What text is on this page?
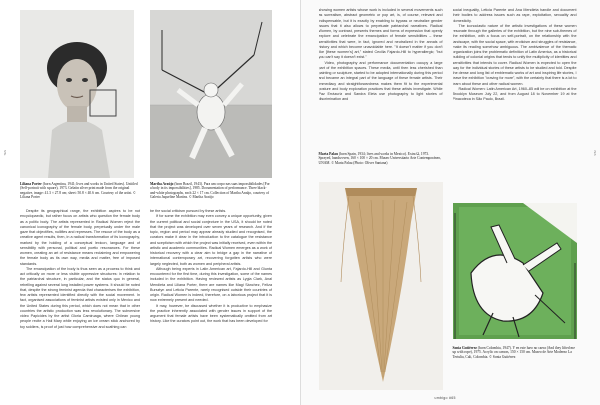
7ES
Liliana Porter (born Argentina, 1941; lives and works in United States). Untitled (Self-portrait with square), 1973. Gelatin silver print made from the original negative, image: 41.3 × 27.8 cm; sheet: 50.8 × 40.6 cm. Courtesy of the artist. © Liliana Porter
Martha Araújo (born Brazil, 1943). Para um corpo nas suas impossibilidades [For a body in its impossibilities], 1985. Documentation of performance. Three black-and-white photographs, each 22 × 17 cm. Collection of Martha Araújo, courtesy of Galeria Jaqueline Martins. © Martha Araújo

Despite its geographical range, the exhibition aspires to be not encyclopaedic, but rather focus on artists who question the female body as a politic body. The artists represented in Radical Women reject the canonical iconography of the female body, perpetually under the male gaze that objectifies, nullifies and represses. The rescue of the body as a creative agent results, then, in a radical transformation of its iconography, marked by the holding of a conceptual lexicon, language and of sensibility with personal, political and poetic resonances. For these women, creating an art of resistance means reclaiming and empowering the female body as its own way, media and matter, free of imposed standards.

The emancipation of the body is thus seen as a process to think and act critically on more or less visible oppressive structures: in relation to the patriarchal structure, in particular, and the status quo in general, rebelling against several long installed power systems. It should be noted that, despite the strong feminist agenda that characterises the exhibition, few artists represented identified directly with the social movement. In fact, organised associations of feminist artists existed only in Mexico and the United States during this period, which does not mean that in other countries the artistic production was less revolutionary. The subversive video Papicides by the artist Gloria Camiruaga, where Chilean young people recite a Hail Mary while enjoying an ice cream stick anchored by toy soldiers, is proof of just how comprehensive and scathing can

be the social criticism pursued by these artists.

If for some the exhibition may even convey a unique opportunity, given the current political and social conjecture in the USA, it should be noted that the project was developed over seven years of research. And if the topic, region and period may appear already studied and recognised, the curators make it clear in the introduction to the catalogue the resistance and scepticism with which the project was initially received, even within the artistic and academic communities. Radical Women emerges as a work of historical recovery with a clear aim to bridge a gap in the narrative of international contemporary art, recovering forgotten artists who were largely neglected, both as women and peripheral artists.

Although being experts in Latin American art, Fajardo-Hill and Giunta encountered for the first time, during this investigation, some of the names included in the exhibition. Having reviewed artists as Lygia Clark, Anal Mendieta and Liliana Porter, there are names like Magi Sánchez, Feliza Bursztyn and Leticia Parente, rarely recognised outside their countries of origin. Radical Women is indeed, therefore, on a laborious project that it is now extremely present and needed.

It may, however, be discussed whether it is productive to emphasize the practice inherently associated with gender issues in support of the argument that female artists have been systematically omitted from art history. Like the curators point out, the work that has been developed for

7ES

showing women artists whose work is included in several movements such as surrealism, abstract geometric or pop art, is, of course, relevant and indispensable, but it is exactly by enabling to bypass or neutralize gender issues that it also allows to perpetuate patriarchal narratives. Radical Women, by contrast, presents themes and forms of expression that openly explore and celebrate the emancipation of female sensibilities – these sensitivities that were, in fact, ignored and neutralized in the annals of history and which become unavoidable here. "It doesn't matter if you don't like [these women's] art," stated Cecilia Fajardo-Hill to hyperallergic; "but you can't say it doesn't exist."

Video, photography and performance documentation occupy a large part of the exhibition spaces. These media, until then less cherished than painting or sculpture, started to be adopted internationally during this period and became an integral part of the language of these female artists. Their immediacy and straightforwardness makes them fit to the experimental posture and body exploration practices that these artists investigate. While Paz Errázuriz and Sandra Eleta use photography to light stories of discrimination and

social inequality, Leticia Parente and Ana Mendieta handle and document their bodies to address issues such as rape, exploitation, sexuality and domesticity.

The iconoclastic nature of the artistic investigations of these women resonate through the galleries of the exhibition, but the nine sub-themes of the exhibition, with a focus on self-portrait, on the relationship with the landscape, with the social space, with eroticism and struggles of resistance, make its reading somehow ambiguous. The ambivalence of the thematic organization joins the problematic definition of Latin America, as a historical building of colonial origins that tends to unify the multiplicity of identities and sensitivities that intends to cover. Radical Women is expected to open the way for the individual stories of these artists to be studied and told. Despite the dense and long list of emblematic works of art and inspiring life stories, I leave the exhibition "craving for more", with the certainty that there is a lot to learn about these and other radical women.

Radical Women: Latin American Art, 1960–85 will be on exhibition at the Brooklyn Museum July 22, and from August 18 to November 19 at the Pinacoteca in São Paulo, Brazil.

Marta Palau (born Spain, 1934; lives and works in Mexico). Extra Ω, 1973. Sprayed, handwoven, 160 × 100 × 20 cm. Museo Universitario Arte Contemporáneo, UNAM. © Marta Palau (Photo: Oliver Santana)
Sonia Gutiérrez (born Colombia, 1947). Y en este lueo no caera (And they lifted me up with rope), 1975. Acrylic on canvas, 150 × 150 cm. Museo de Arte Moderno La Tertulia, Cali, Colombia. © Sonia Gutiérrez
umbigo #65
